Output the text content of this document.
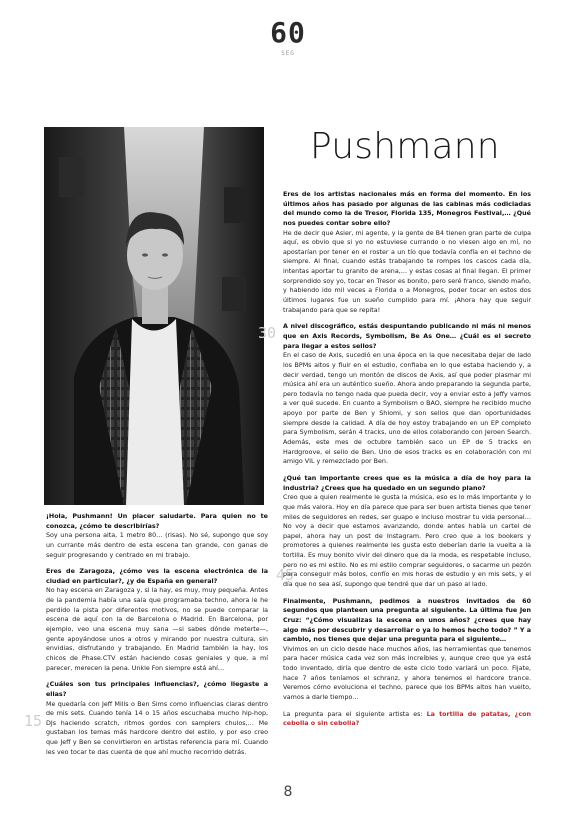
60
SEG
Pushmann
30
45
15
¡Hola, Pushmann! Un placer saludarte. Para quien no te conozca, ¿cómo te describirías?
Soy una persona alta, 1 metro 80… (risas). No sé, supongo que soy un currante más dentro de esta escena tan grande, con ganas de seguir progresando y centrado en mi trabajo.
Eres de Zaragoza, ¿cómo ves la escena electrónica de la ciudad en particular?, ¿y de España en general?
No hay escena en Zaragoza y, si la hay, es muy, muy pequeña. Antes de la pandemia había una sala que programaba techno, ahora le he perdido la pista por diferentes motivos, no se puede comparar la escena de aquí con la de Barcelona o Madrid. En Barcelona, por ejemplo, veo una escena muy sana —si sabes dónde meterte—, gente apoyándose unos a otros y mirando por nuestra cultura, sin envidias, disfrutando y trabajando. En Madrid también la hay, los chicos de Phase.CTV están haciendo cosas geniales y que, a mí parecer, merecen la pena. Unkle Fon siempre está ahí…
¿Cuáles son tus principales influencias?, ¿cómo llegaste a ellas?
Me quedaría con Jeff Mills o Ben Sims como influencias claras dentro de mis sets. Cuando tenía 14 o 15 años escuchaba mucho hip-hop, DJs haciendo scratch, ritmos gordos con samplers chulos,… Me gustaban los temas más hardcore dentro del estilo, y por eso creo que Jeff y Ben se convirtieron en artistas referencia para mí. Cuando les veo tocar te das cuenta de que ahí mucho recorrido detrás.
Eres de los artistas nacionales más en forma del momento. En los últimos años has pasado por algunas de las cabinas más codiciadas del mundo como la de Tresor, Florida 135, Monegros Festival,… ¿Qué nos puedes contar sobre ello?
He de decir que Asier, mi agente, y la gente de B4 tienen gran parte de culpa aquí, es obvio que si yo no estuviese currando o no viesen algo en mí, no apostarían por tener en el roster a un tío que todavía confía en el techno de siempre. Al final, cuando estás trabajando te rompes los cascos cada día, intentas aportar tu granito de arena,… y estas cosas al final llegan. El primer sorprendido soy yo, tocar en Tresor es bonito, pero seré franco, siendo maño, y habiendo ido mil veces a Florida o a Monegros, poder tocar en estos dos últimos lugares fue un sueño cumplido para mí. ¡Ahora hay que seguir trabajando para que se repita!
A nivel discográfico, estás despuntando publicando ni más ni menos que en Axis Records, Symbolism, Be As One… ¿Cuál es el secreto para llegar a estos sellos?
En el caso de Axis, sucedió en una época en la que necesitaba dejar de lado los BPMs altos y fluir en el estudio, confiaba en lo que estaba haciendo y, a decir verdad, tengo un montón de discos de Axis, así que poder plasmar mi música ahí era un auténtico sueño. Ahora ando preparando la segunda parte, pero todavía no tengo nada que pueda decir, voy a enviar esto a Jeffy vamos a ver qué sucede. En cuanto a Symbolism o BAO, siempre he recibido mucho apoyo por parte de Ben y Shlomi, y son sellos que dan oportunidades siempre desde la calidad. A día de hoy estoy trabajando en un EP completo para Symbolism, serán 4 tracks, uno de ellos colaborando con Jeroen Search. Además, este mes de octubre también saco un EP de 5 tracks en Hardgroove, el sello de Ben. Uno de esos tracks es en colaboración con mi amigo VIL y remezclado por Ben.
¿Qué tan importante crees que es la música a día de hoy para la industria? ¿Crees que ha quedado en un segundo plano?
Creo que a quien realmente le gusta la música, eso es lo más importante y lo que más valora. Hoy en día parece que para ser buen artista tienes que tener miles de seguidores en redes, ser guapo e incluso mostrar tu vida personal… No voy a decir que estamos avanzando, donde antes había un cartel de papel, ahora hay un post de Instagram. Pero creo que a los bookers y promotores a quienes realmente les gusta esto deberían darle la vuelta a la tortilla. Es muy bonito vivir del dinero que da la moda, es respetable incluso, pero no es mi estilo. No es mi estilo comprar seguidores, o sacarme un pezón para conseguir más bolos, confío en mis horas de estudio y en mis sets, y el día que no sea así, supongo que tendré que dar un paso al lado.
Finalmente, Pushmann, pedimos a nuestros invitados de 60 segundos que planteen una pregunta al siguiente. La última fue Jen Cruz: “¿Cómo visualizas la escena en unos años? ¿crees que hay algo más por descubrir y desarrollar o ya lo hemos hecho todo? ” Y a cambio, nos tienes que dejar una pregunta para el siguiente…
Vivimos en un ciclo desde hace muchos años, las herramientas que tenemos para hacer música cada vez son más increíbles y, aunque creo que ya está todo inventado, diría que dentro de este ciclo todo variará un poco. Fijate, hace 7 años teníamos el schranz, y ahora tenemos el hardcore trance. Veremos cómo evoluciona el techno, parece que los BPMs altos han vuelto, vamos a darle tiempo…
La pregunta para el siguiente artista es: La tortilla de patatas, ¿con cebolla o sin cebolla?
8
